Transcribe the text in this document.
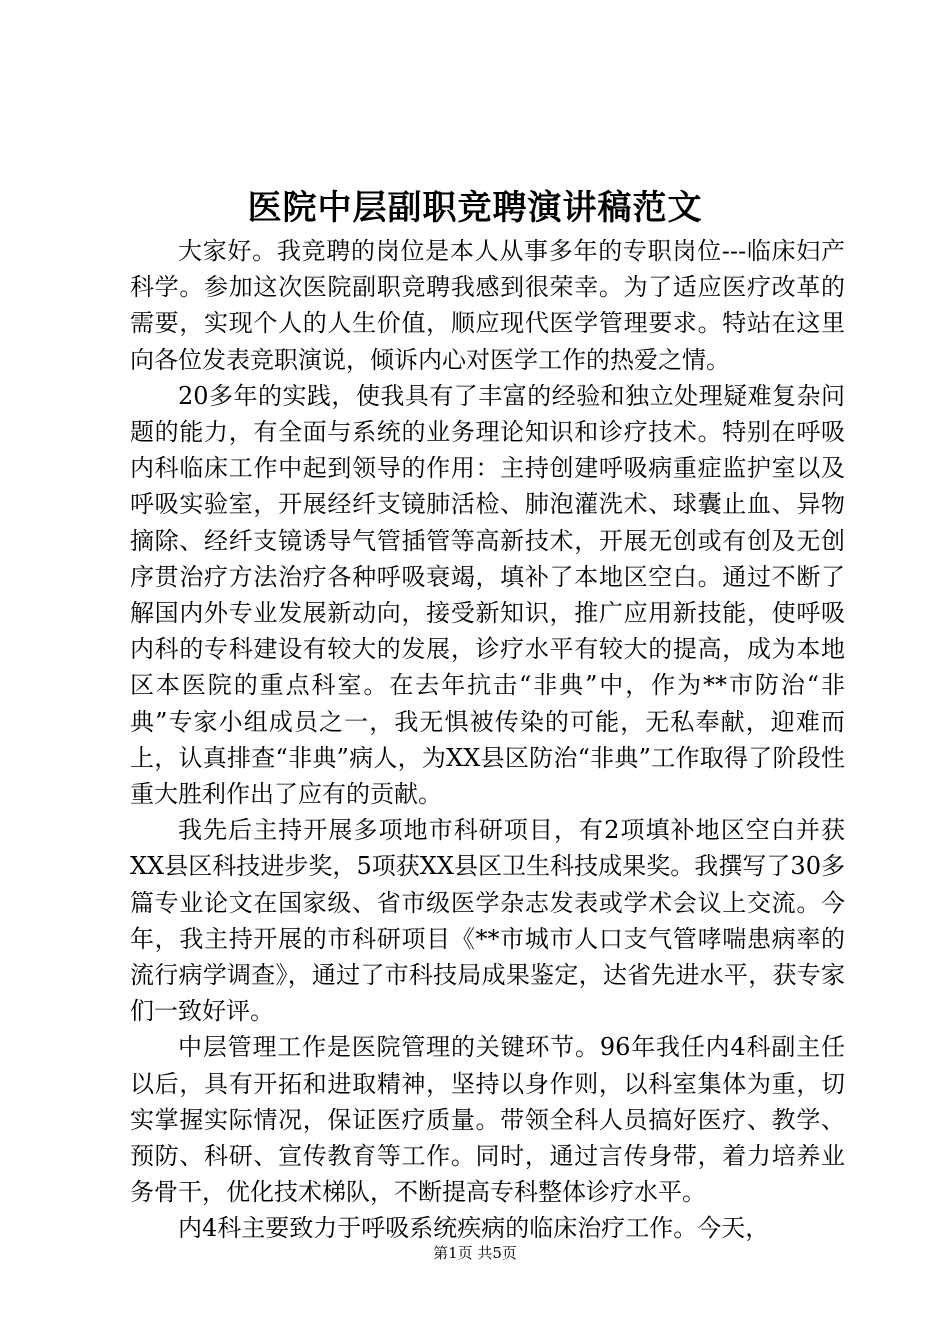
医院中层副职竞聘演讲稿范文

大家好。我竞聘的岗位是本人从事多年的专职岗位---临床妇产科学。参加这次医院副职竞聘我感到很荣幸。为了适应医疗改革的需要，实现个人的人生价值，顺应现代医学管理要求。特站在这里向各位发表竞职演说，倾诉内心对医学工作的热爱之情。

20多年的实践，使我具有了丰富的经验和独立处理疑难复杂问题的能力，有全面与系统的业务理论知识和诊疗技术。特别在呼吸内科临床工作中起到领导的作用：主持创建呼吸病重症监护室以及呼吸实验室，开展经纤支镜肺活检、肺泡灌洗术、球囊止血、异物摘除、经纤支镜诱导气管插管等高新技术，开展无创或有创及无创序贯治疗方法治疗各种呼吸衰竭，填补了本地区空白。通过不断了解国内外专业发展新动向，接受新知识，推广应用新技能，使呼吸内科的专科建设有较大的发展，诊疗水平有较大的提高，成为本地区本医院的重点科室。在去年抗击“非典”中，作为**市防治“非典”专家小组成员之一，我无惧被传染的可能，无私奉献，迎难而上，认真排查“非典”病人，为XX县区防治“非典”工作取得了阶段性重大胜利作出了应有的贡献。

我先后主持开展多项地市科研项目，有2项填补地区空白并获XX县区科技进步奖，5项获XX县区卫生科技成果奖。我撰写了30多篇专业论文在国家级、省市级医学杂志发表或学术会议上交流。今年，我主持开展的市科研项目《**市城市人口支气管哮喘患病率的流行病学调查》，通过了市科技局成果鉴定，达省先进水平，获专家们一致好评。

中层管理工作是医院管理的关键环节。96年我任内4科副主任以后，具有开拓和进取精神，坚持以身作则，以科室集体为重，切实掌握实际情况，保证医疗质量。带领全科人员搞好医疗、教学、预防、科研、宣传教育等工作。同时，通过言传身带，着力培养业务骨干，优化技术梯队，不断提高专科整体诊疗水平。

内4科主要致力于呼吸系统疾病的临床治疗工作。今天，

第1页 共5页
